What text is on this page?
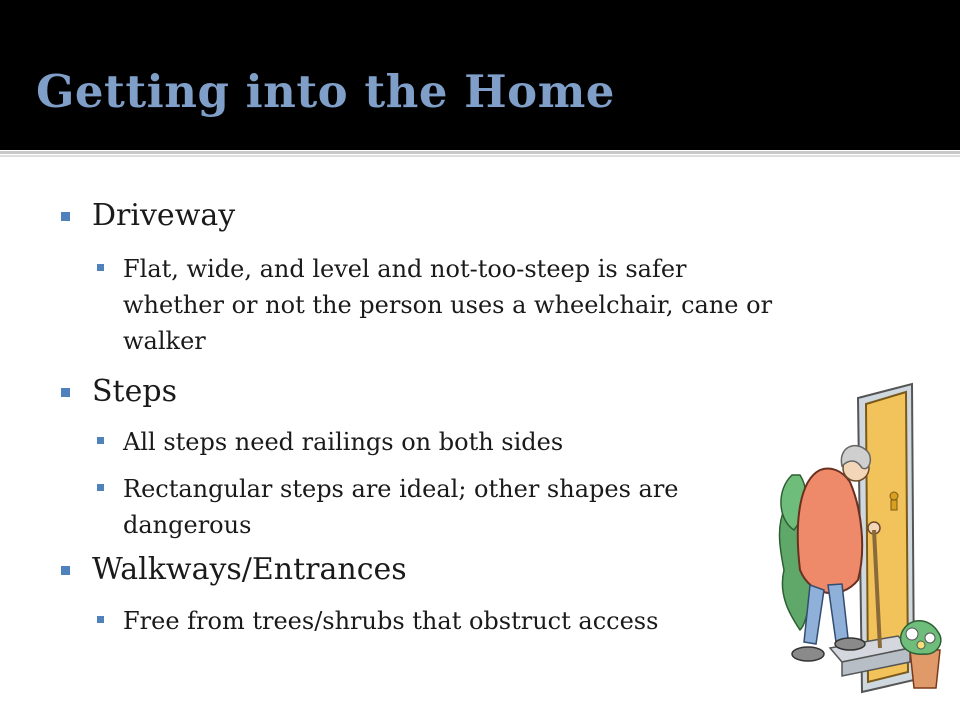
Getting into the Home

Driveway

Flat, wide, and level and not-too-steep is safer whether or not the person uses a wheelchair, cane or walker

Steps

All steps need railings on both sides

Rectangular steps are ideal; other shapes are dangerous

Walkways/Entrances

Free from trees/shrubs that obstruct access
